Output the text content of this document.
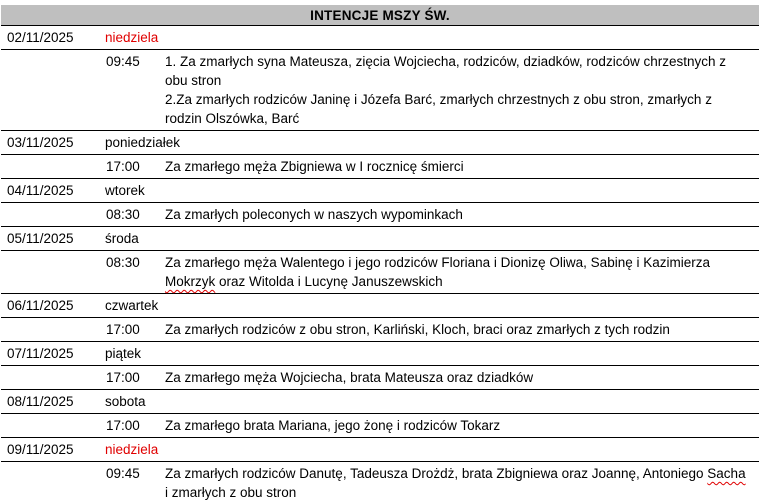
INTENCJE MSZY ŚW.		
02/11/2025	niedziela	
	09:45	1. Za zmarłych syna Mateusza, zięcia Wojciecha, rodziców, dziadków, rodziców chrzestnych z obu stron
2.Za zmarłych rodziców Janinę i Józefa Barć, zmarłych chrzestnych z obu stron, zmarłych z rodzin Olszówka, Barć

03/11/2025	poniedziałek	
	17:00	Za zmarłego męża Zbigniewa w I rocznicę śmierci

04/11/2025	wtorek	
	08:30	Za zmarłych poleconych w naszych wypominkach

05/11/2025	środa	
	08:30	Za zmarłego męża Walentego i jego rodziców Floriana i Dionizę Oliwa, Sabinę i Kazimierza Mokrzyk oraz Witolda i Lucynę Januszewskich

06/11/2025	czwartek	
	17:00	Za zmarłych rodziców z obu stron, Karliński, Kloch, braci oraz zmarłych z tych rodzin

07/11/2025	piątek	
	17:00	Za zmarłego męża Wojciecha, brata Mateusza oraz dziadków

08/11/2025	sobota	
	17:00	Za zmarłego brata Mariana, jego żonę i rodziców Tokarz

09/11/2025	niedziela	
	09:45	Za zmarłych rodziców Danutę, Tadeusza Drożdż, brata Zbigniewa oraz Joannę, Antoniego Sacha i zmarłych z obu stron
